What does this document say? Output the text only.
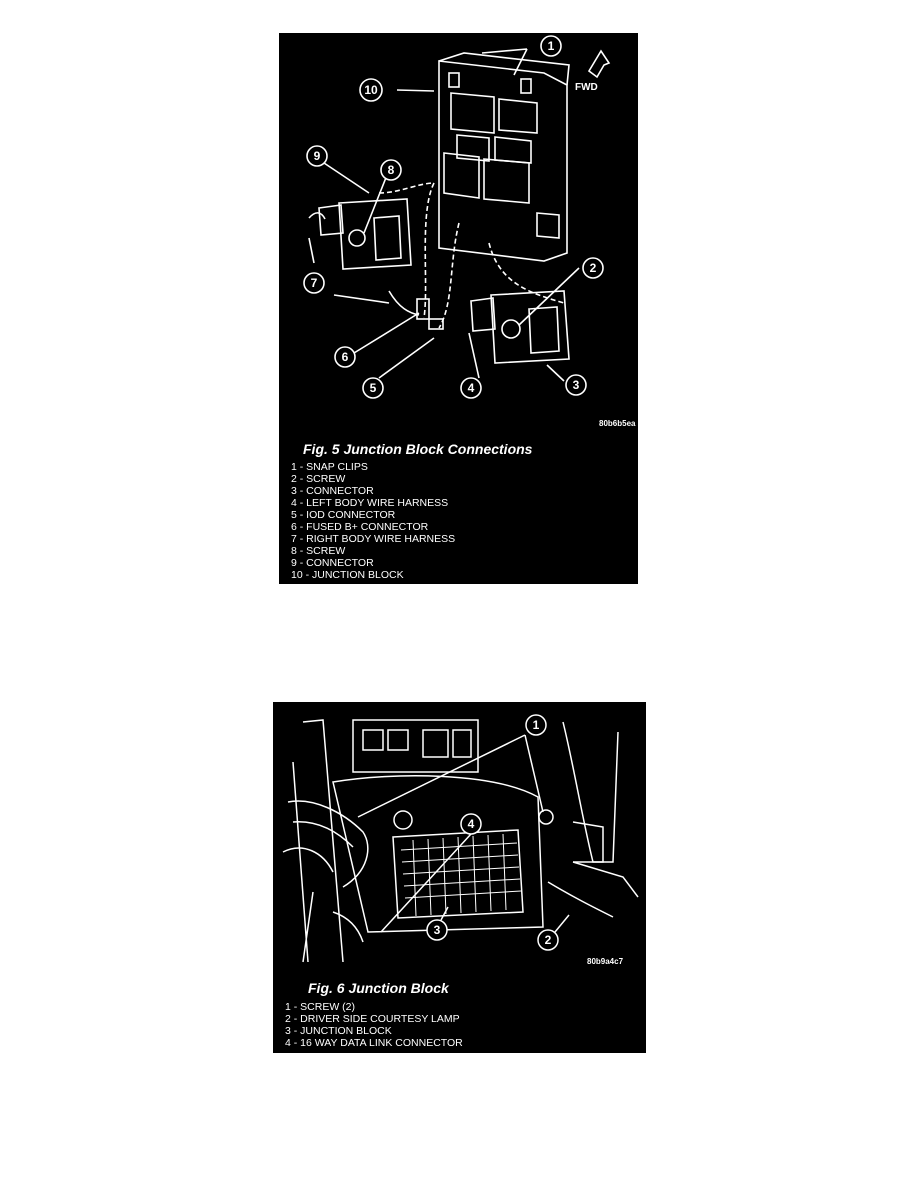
1
10
9
8
7
6
5	4
2
3
FWD
80b6b5ea
Fig. 5 Junction Block Connections
1 - SNAP CLIPS
2 - SCREW
3 - CONNECTOR
4 - LEFT BODY WIRE HARNESS
5 - IOD CONNECTOR
6 - FUSED B+ CONNECTOR
7 - RIGHT BODY WIRE HARNESS
8 - SCREW
9 - CONNECTOR
10 - JUNCTION BLOCK
1
4
3
2
80b9a4c7
Fig. 6 Junction Block
1 - SCREW (2)
2 - DRIVER SIDE COURTESY LAMP
3 - JUNCTION BLOCK
4 - 16 WAY DATA LINK CONNECTOR
